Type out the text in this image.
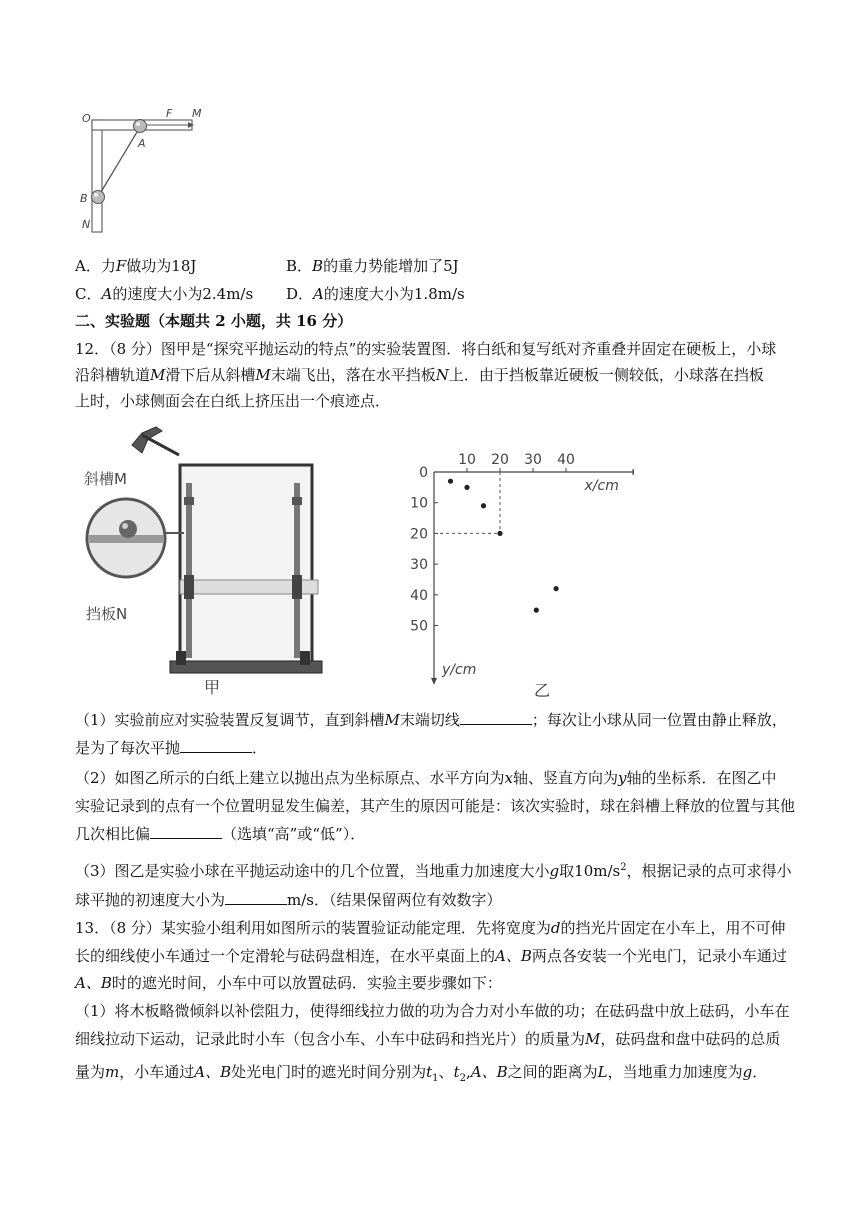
O	F M
A
B
N
A．力F做功为18J	B．B的重力势能增加了5J
C．A的速度大小为2.4m/s D．A的速度大小为1.8m/s
二、实验题（本题共 2 小题，共 16 分）
12．（8 分）图甲是“探究平抛运动的特点”的实验装置图．将白纸和复写纸对齐重叠并固定在硬板上，小球
沿斜槽轨道M滑下后从斜槽M末端飞出，落在水平挡板N上．由于挡板靠近硬板一侧较低，小球落在挡板
上时，小球侧面会在白纸上挤压出一个痕迹点．
斜槽M
挡板N
甲
10 20 30 40
0
10
20
30
40
50
x/cm
y/cm
乙
（1）实验前应对实验装置反复调节，直到斜槽M末端切线	；每次让小球从同一位置由静止释放，
是为了每次平抛	．
（2）如图乙所示的白纸上建立以抛出点为坐标原点、水平方向为x轴、竖直方向为y轴的坐标系．在图乙中
实验记录到的点有一个位置明显发生偏差，其产生的原因可能是：该次实验时，球在斜槽上释放的位置与其他
几次相比偏	（选填“高”或“低”）．
（3）图乙是实验小球在平抛运动途中的几个位置，当地重力加速度大小g取$10m/s^2$，根据记录的点可求得小
球平抛的初速度大小为	m/s．（结果保留两位有效数字）
13．（8 分）某实验小组利用如图所示的装置验证动能定理．先将宽度为d的挡光片固定在小车上，用不可伸
长的细线使小车通过一个定滑轮与砝码盘相连，在水平桌面上的A、B两点各安装一个光电门，记录小车通过
A、B时的遮光时间，小车中可以放置砝码．实验主要步骤如下：
（1）将木板略微倾斜以补偿阻力，使得细线拉力做的功为合力对小车做的功；在砝码盘中放上砝码，小车在
细线拉动下运动，记录此时小车（包含小车、小车中砝码和挡光片）的质量为M，砝码盘和盘中砝码的总质
量为m，小车通过A、B处光电门时的遮光时间分别为$t_1$、$t_2,A$、B之间的距离为L，当地重力加速度为g．
